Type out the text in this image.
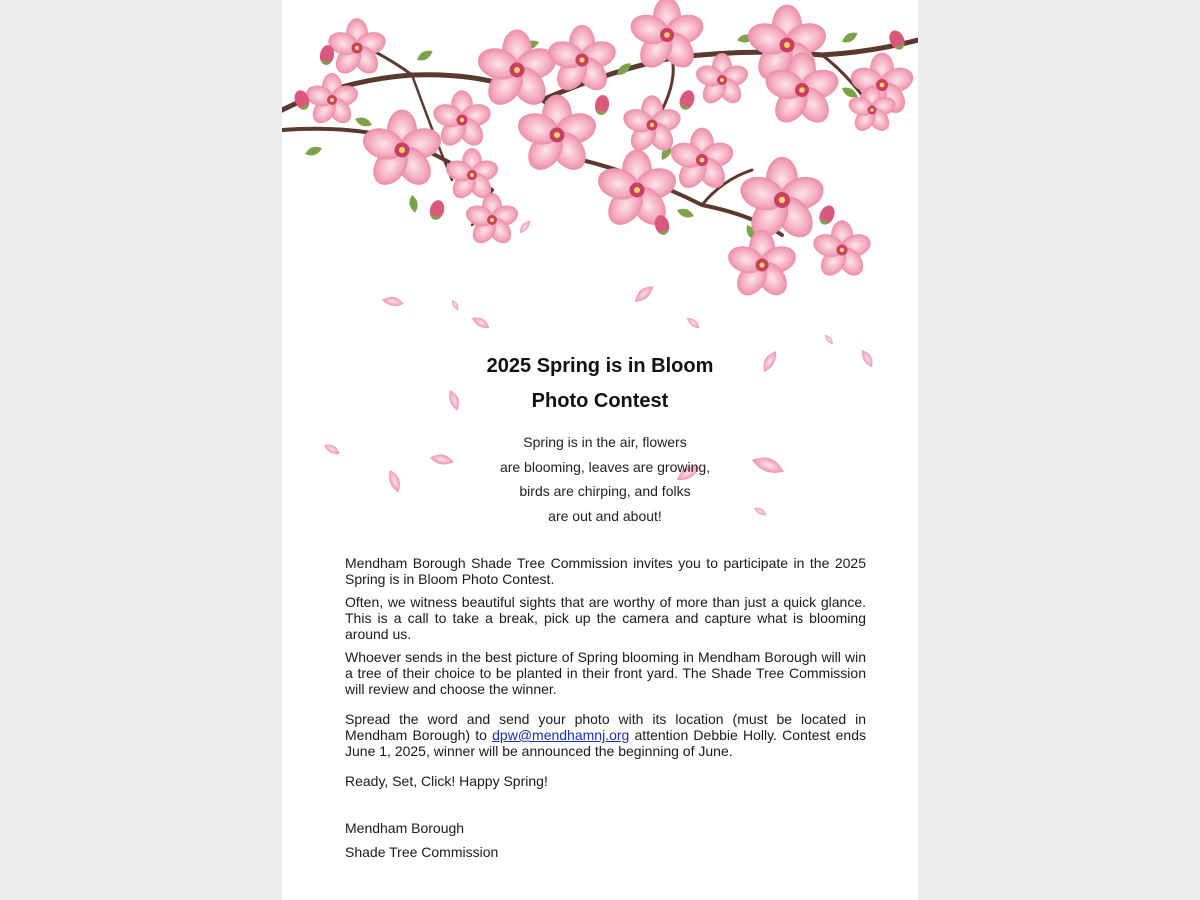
2025 Spring is in Bloom
Photo Contest
Spring is in the air, flowers
are blooming, leaves are growing,
birds are chirping, and folks
are out and about!

Mendham Borough Shade Tree Commission invites you to participate in the 2025 Spring is in Bloom Photo Contest.

Often, we witness beautiful sights that are worthy of more than just a quick glance. This is a call to take a break, pick up the camera and capture what is blooming around us.

Whoever sends in the best picture of Spring blooming in Mendham Borough will win a tree of their choice to be planted in their front yard. The Shade Tree Commission will review and choose the winner.

Spread the word and send your photo with its location (must be located in Mendham Borough) to dpw@mendhamnj.org attention Debbie Holly. Contest ends June 1, 2025, winner will be announced the beginning of June.

Ready, Set, Click! Happy Spring!

Mendham Borough
Shade Tree Commission
